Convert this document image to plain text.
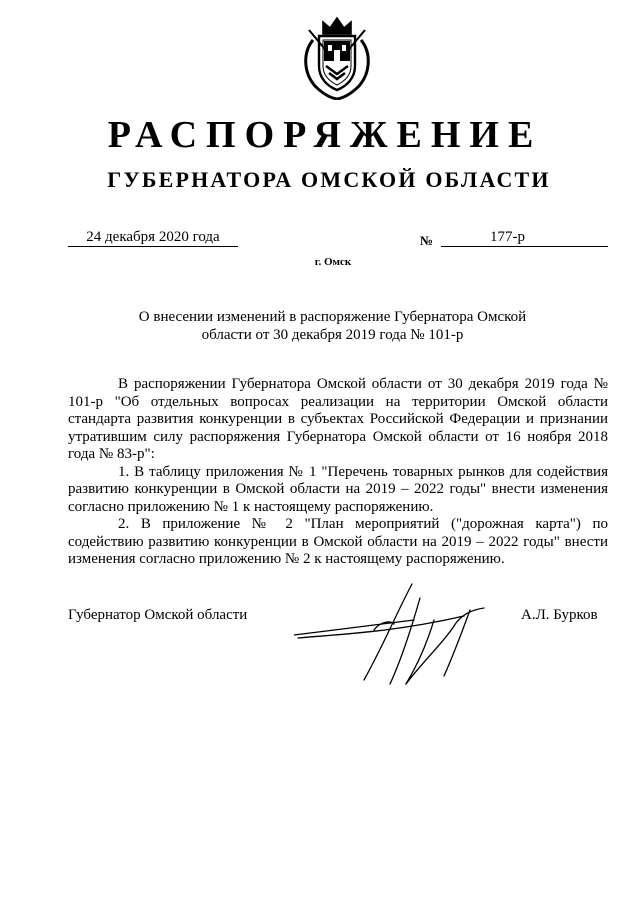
РАСПОРЯЖЕНИЕ
ГУБЕРНАТОРА ОМСКОЙ ОБЛАСТИ
24 декабря 2020 года	№	177-р
г. Омск
О внесении изменений в распоряжение Губернатора Омской
области от 30 декабря 2019 года № 101-р

В распоряжении Губернатора Омской области от 30 декабря 2019 года № 101-р "Об отдельных вопросах реализации на территории Омской области стандарта развития конкуренции в субъектах Российской Федерации и признании утратившим силу распоряжения Губернатора Омской области от 16 ноября 2018 года № 83-р":

1. В таблицу приложения № 1 "Перечень товарных рынков для содействия развитию конкуренции в Омской области на 2019 – 2022 годы" внести изменения согласно приложению № 1 к настоящему распоряжению.

2. В приложение № 2 "План мероприятий ("дорожная карта") по содействию развитию конкуренции в Омской области на 2019 – 2022 годы" внести изменения согласно приложению № 2 к настоящему распоряжению.

Губернатор Омской области	А.Л. Бурков
